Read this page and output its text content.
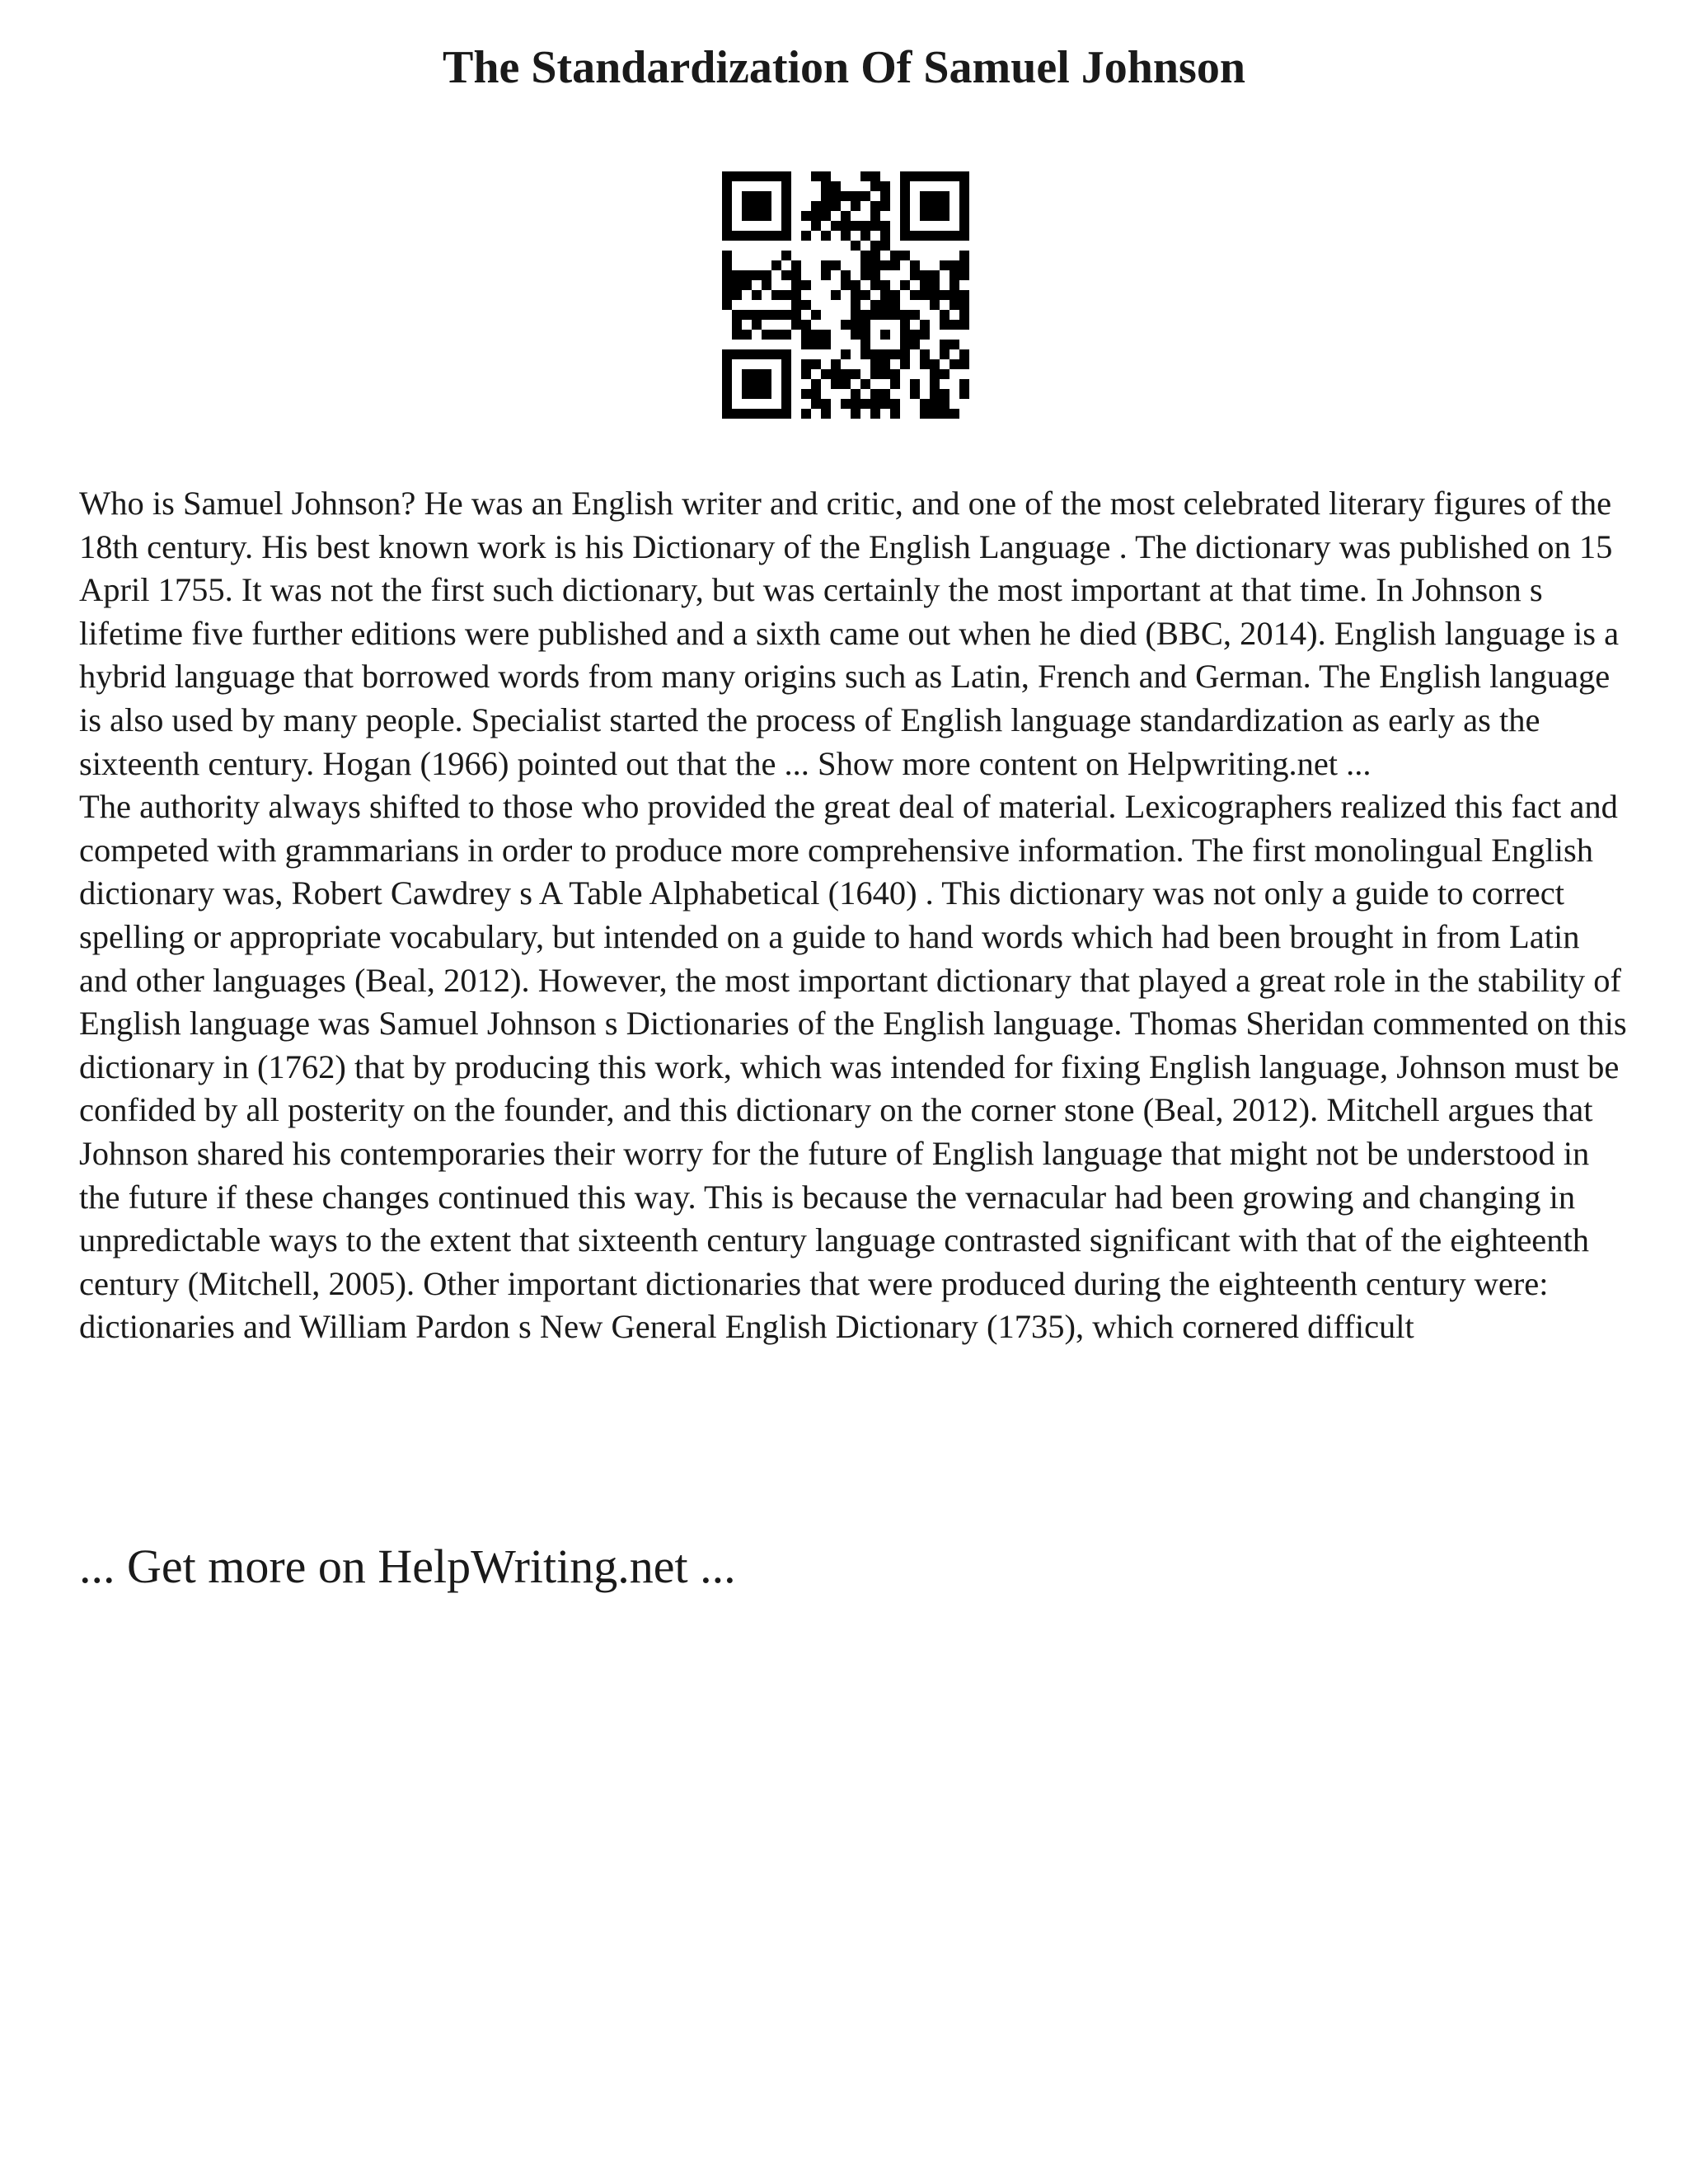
The Standardization Of Samuel Johnson

Who is Samuel Johnson? He was an English writer and critic, and one of the most celebrated literary figures of the 18th century. His best known work is his Dictionary of the English Language . The dictionary was published on 15 April 1755. It was not the first such dictionary, but was certainly the most important at that time. In Johnson s lifetime five further editions were published and a sixth came out when he died (BBC, 2014). English language is a hybrid language that borrowed words from many origins such as Latin, French and German. The English language is also used by many people. Specialist started the process of English language standardization as early as the sixteenth century. Hogan (1966) pointed out that the ... Show more content on Helpwriting.net ...

The authority always shifted to those who provided the great deal of material. Lexicographers realized this fact and competed with grammarians in order to produce more comprehensive information. The first monolingual English dictionary was, Robert Cawdrey s A Table Alphabetical (1640) . This dictionary was not only a guide to correct spelling or appropriate vocabulary, but intended on a guide to hand words which had been brought in from Latin and other languages (Beal, 2012). However, the most important dictionary that played a great role in the stability of English language was Samuel Johnson s Dictionaries of the English language. Thomas Sheridan commented on this dictionary in (1762) that by producing this work, which was intended for fixing English language, Johnson must be confided by all posterity on the founder, and this dictionary on the corner stone (Beal, 2012). Mitchell argues that Johnson shared his contemporaries their worry for the future of English language that might not be understood in the future if these changes continued this way. This is because the vernacular had been growing and changing in unpredictable ways to the extent that sixteenth century language contrasted significant with that of the eighteenth century (Mitchell, 2005). Other important dictionaries that were produced during the eighteenth century were: dictionaries and William Pardon s New General English Dictionary (1735), which cornered difficult

... Get more on HelpWriting.net ...
